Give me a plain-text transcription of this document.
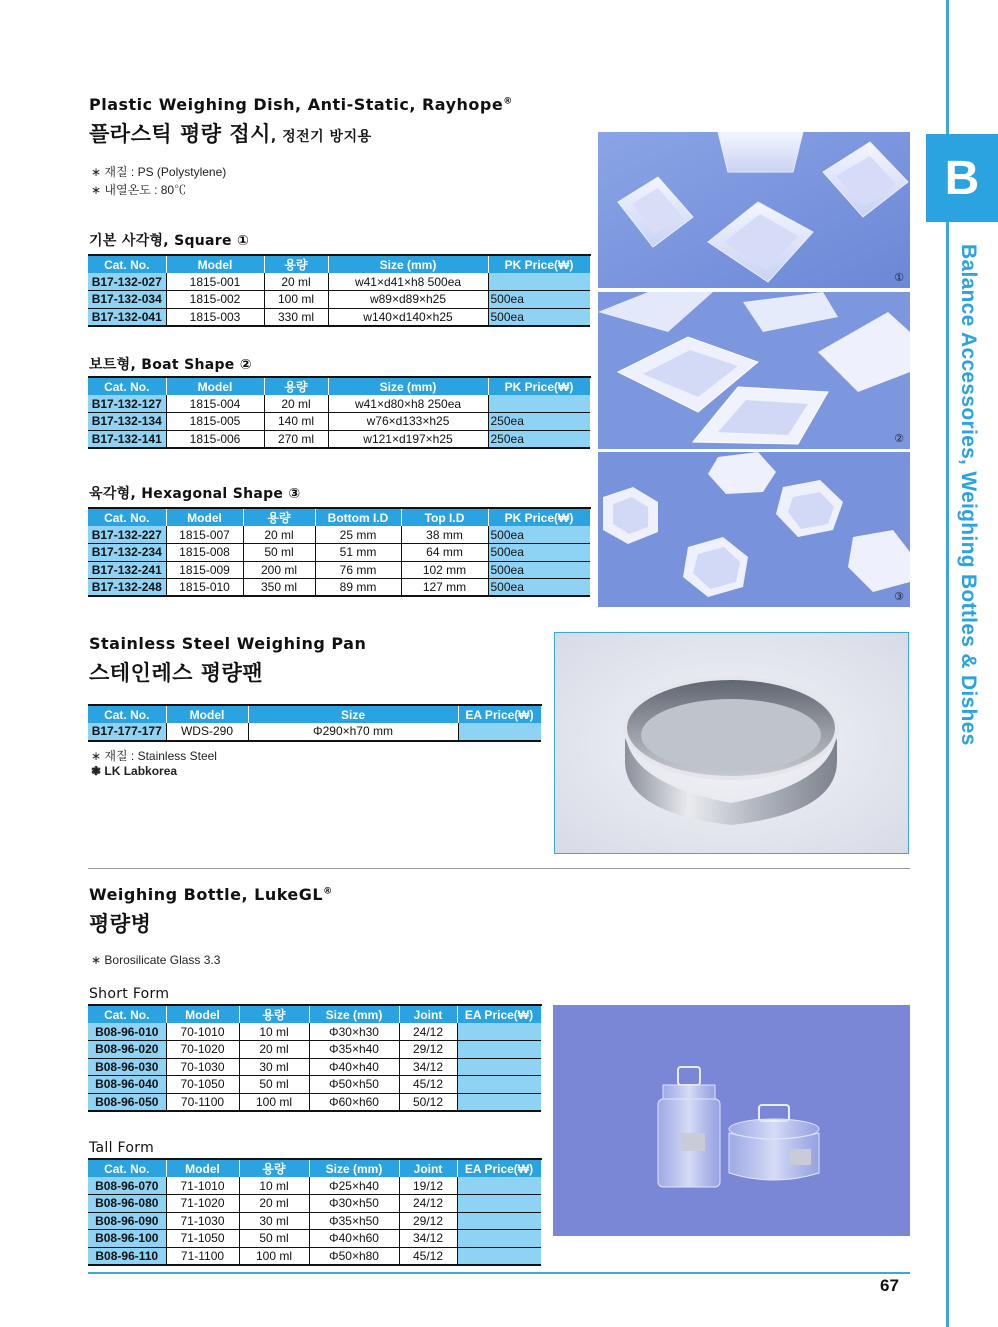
B
Balance Accessories, Weighing Bottles & Dishes
Plastic Weighing Dish, Anti-Static, Rayhope®
플라스틱 평량 접시, 정전기 방지용
∗ 재질 : PS (Polystylene)
∗ 내열온도 : 80℃
기본 사각형, Square ①
Cat. No.	Model	용량	Size (mm)	PK Price(₩)
B17-132-027	1815-001	20 ml	w41×d41×h8 500ea	
B17-132-034	1815-002	100 ml	w89×d89×h25	500ea
B17-132-041	1815-003	330 ml	w140×d140×h25	500ea
보트형, Boat Shape ②
Cat. No.	Model	용량	Size (mm)	PK Price(₩)
B17-132-127	1815-004	20 ml	w41×d80×h8 250ea	
B17-132-134	1815-005	140 ml	w76×d133×h25	250ea
B17-132-141	1815-006	270 ml	w121×d197×h25	250ea
육각형, Hexagonal Shape ③
Cat. No.	Model	용량	Bottom I.D	Top I.D	PK Price(₩)
B17-132-227	1815-007	20 ml	25 mm	38 mm	500ea
B17-132-234	1815-008	50 ml	51 mm	64 mm	500ea
B17-132-241	1815-009	200 ml	76 mm	102 mm	500ea
B17-132-248	1815-010	350 ml	89 mm	127 mm	500ea
①
②
③
Stainless Steel Weighing Pan
스테인레스 평량팬
Cat. No.	Model	Size	EA Price(₩)
B17-177-177	WDS-290	Φ290×h70 mm	
∗ 재질 : Stainless Steel
❃ LK Labkorea
Weighing Bottle, LukeGL®
평량병
∗ Borosilicate Glass 3.3
Short Form
Cat. No.	Model	용량	Size (mm)	Joint	EA Price(₩)
B08-96-010	70-1010	10 ml	Φ30×h30	24/12	
B08-96-020	70-1020	20 ml	Φ35×h40	29/12	
B08-96-030	70-1030	30 ml	Φ40×h40	34/12	
B08-96-040	70-1050	50 ml	Φ50×h50	45/12	
B08-96-050	70-1100	100 ml	Φ60×h60	50/12	
Tall Form
Cat. No.	Model	용량	Size (mm)	Joint	EA Price(₩)
B08-96-070	71-1010	10 ml	Φ25×h40	19/12	
B08-96-080	71-1020	20 ml	Φ30×h50	24/12	
B08-96-090	71-1030	30 ml	Φ35×h50	29/12	
B08-96-100	71-1050	50 ml	Φ40×h60	34/12	
B08-96-110	71-1100	100 ml	Φ50×h80	45/12	
67
